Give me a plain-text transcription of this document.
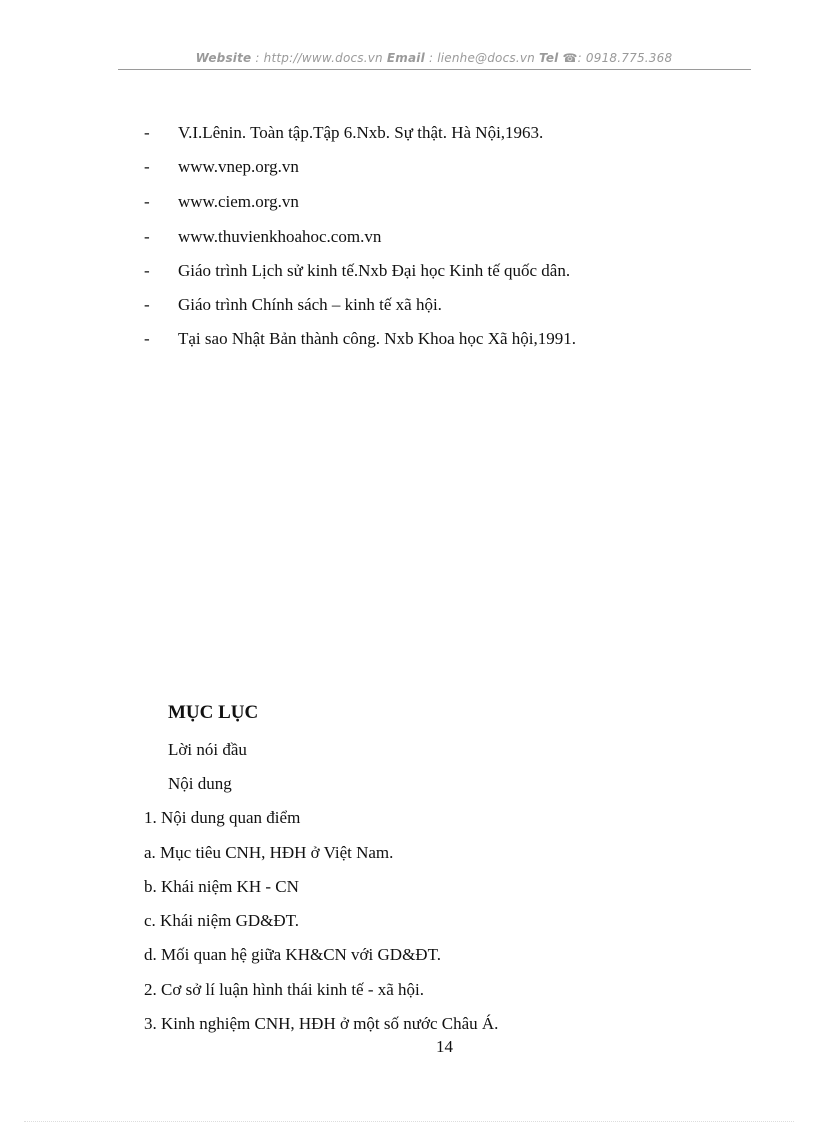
Website : http://www.docs.vn Email : lienhe@docs.vn Tel ☎: 0918.775.368
- V.I.Lênin. Toàn tập.Tập 6.Nxb. Sự thật. Hà Nội,1963.
- www.vnep.org.vn
- www.ciem.org.vn
- www.thuvienkhoahoc.com.vn
- Giáo trình Lịch sử kinh tế.Nxb Đại học Kinh tế quốc dân.
- Giáo trình Chính sách – kinh tế xã hội.
- Tại sao Nhật Bản thành công. Nxb Khoa học Xã hội,1991.
MỤC LỤC
Lời nói đầu
Nội dung
1. Nội dung quan điểm
a. Mục tiêu CNH, HĐH ở Việt Nam.
b. Khái niệm KH - CN
c. Khái niệm GD&ĐT.
d. Mối quan hệ giữa KH&CN với GD&ĐT.
2. Cơ sở lí luận hình thái kinh tế - xã hội.
3. Kinh nghiệm CNH, HĐH ở một số nước Châu Á.
14
